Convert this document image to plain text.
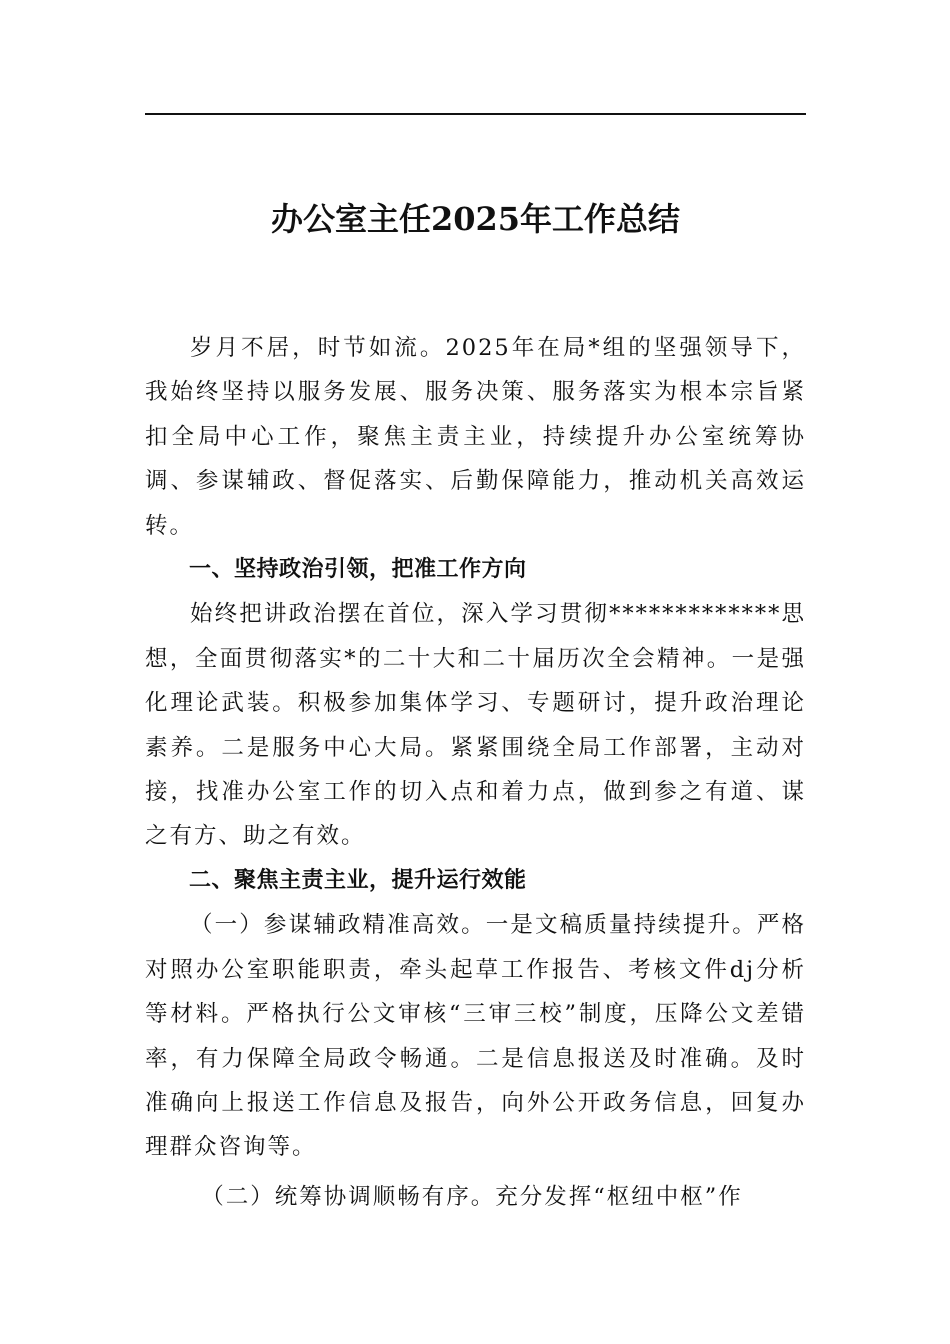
办公室主任2025年工作总结

岁月不居，时节如流。2025年在局*组的坚强领导下，我始终坚持以服务发展、服务决策、服务落实为根本宗旨紧扣全局中心工作，聚焦主责主业，持续提升办公室统筹协调、参谋辅政、督促落实、后勤保障能力，推动机关高效运转。

一、坚持政治引领，把准工作方向

始终把讲政治摆在首位，深入学习贯彻*************思想，全面贯彻落实*的二十大和二十届历次全会精神。一是强化理论武装。积极参加集体学习、专题研讨，提升政治理论素养。二是服务中心大局。紧紧围绕全局工作部署，主动对接，找准办公室工作的切入点和着力点，做到参之有道、谋之有方、助之有效。

二、聚焦主责主业，提升运行效能

（一）参谋辅政精准高效。一是文稿质量持续提升。严格对照办公室职能职责，牵头起草工作报告、考核文件dj分析等材料。严格执行公文审核“三审三校”制度，压降公文差错率，有力保障全局政令畅通。二是信息报送及时准确。及时准确向上报送工作信息及报告，向外公开政务信息，回复办理群众咨询等。

（二）统筹协调顺畅有序。充分发挥“枢纽中枢”作
